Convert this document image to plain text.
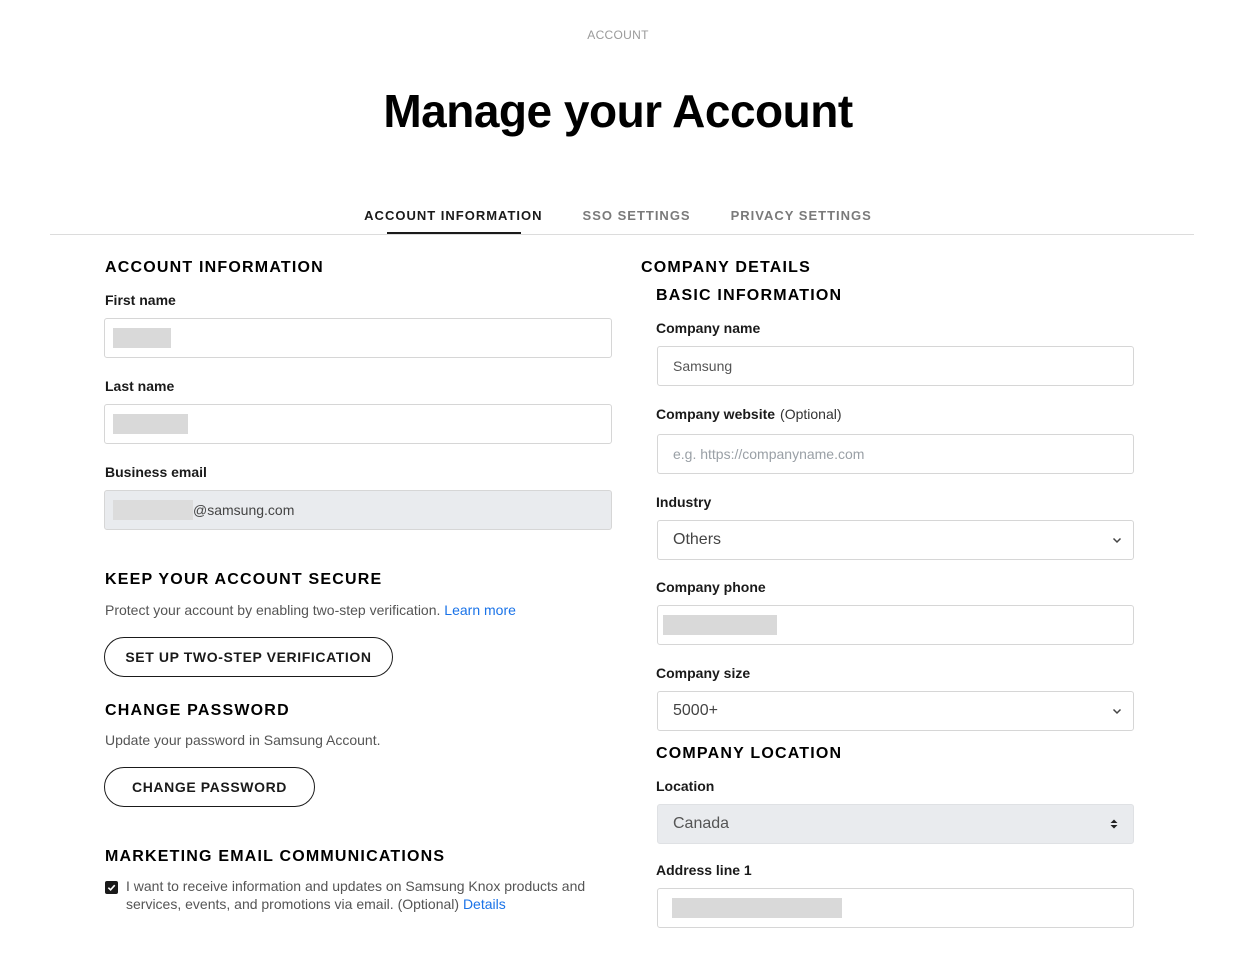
ACCOUNT
Manage your Account
ACCOUNT INFORMATION	SSO SETTINGS	PRIVACY SETTINGS
ACCOUNT INFORMATION
First name
Last name
Business email
@samsung.com
KEEP YOUR ACCOUNT SECURE
Protect your account by enabling two-step verification. Learn more
SET UP TWO-STEP VERIFICATION
CHANGE PASSWORD
Update your password in Samsung Account.
CHANGE PASSWORD
MARKETING EMAIL COMMUNICATIONS
I want to receive information and updates on Samsung Knox products and services, events, and promotions via email. (Optional) Details
COMPANY DETAILS
BASIC INFORMATION
Company name
Samsung
Company website (Optional)
e.g. https://companyname.com
Industry
Others
Company phone
Company size
5000+
COMPANY LOCATION
Location
Canada
Address line 1
